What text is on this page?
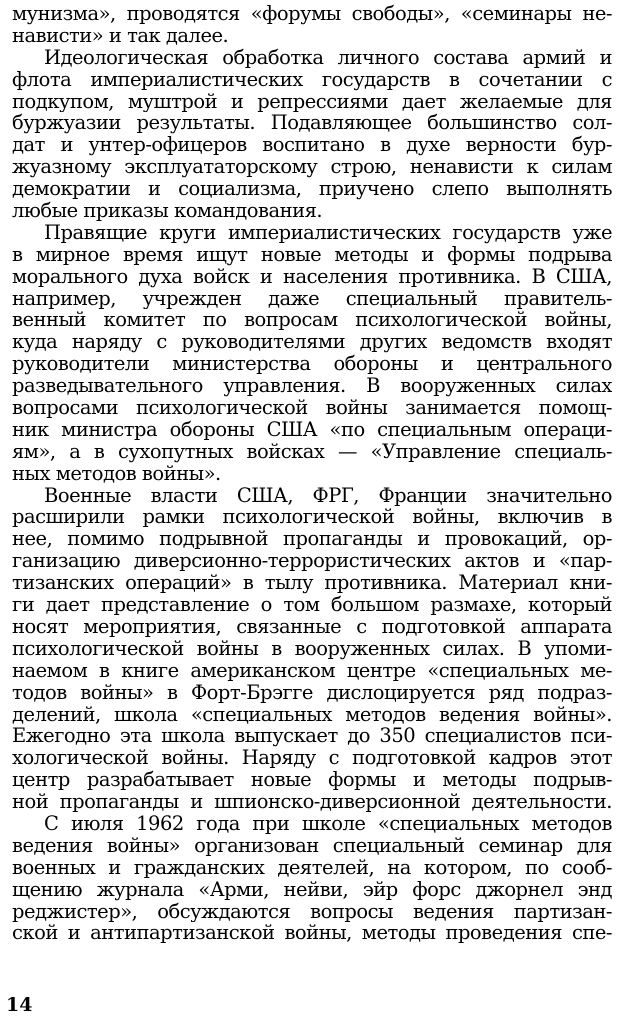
мунизма», проводятся «форумы свободы», «семинары не-
нависти» и так далее.
Идеологическая обработка личного состава армий и
флота империалистических государств в сочетании с
подкупом, муштрой и репрессиями дает желаемые для
буржуазии результаты. Подавляющее большинство сол-
дат и унтер-офицеров воспитано в духе верности бур-
жуазному эксплуататорскому строю, ненависти к силам
демократии и социализма, приучено слепо выполнять
любые приказы командования.
Правящие круги империалистических государств уже
в мирное время ищут новые методы и формы подрыва
морального духа войск и населения противника. В США,
например, учрежден даже специальный правитель-
венный комитет по вопросам психологической войны,
куда наряду с руководителями других ведомств входят
руководители министерства обороны и центрального
разведывательного управления. В вооруженных силах
вопросами психологической войны занимается помощ-
ник министра обороны США «по специальным операци-
ям», а в сухопутных войсках — «Управление специаль-
ных методов войны».
Военные власти США, ФРГ, Франции значительно
расширили рамки психологической войны, включив в
нее, помимо подрывной пропаганды и провокаций, ор-
ганизацию диверсионно-террористических актов и «пар-
тизанских операций» в тылу противника. Материал кни-
ги дает представление о том большом размахе, который
носят мероприятия, связанные с подготовкой аппарата
психологической войны в вооруженных силах. В упоми-
наемом в книге американском центре «специальных ме-
тодов войны» в Форт-Брэгге дислоцируется ряд подраз-
делений, школа «специальных методов ведения войны».
Ежегодно эта школа выпускает до 350 специалистов пси-
хологической войны. Наряду с подготовкой кадров этот
центр разрабатывает новые формы и методы подрыв-
ной пропаганды и шпионско-диверсионной деятельности.
С июля 1962 года при школе «специальных методов
ведения войны» организован специальный семинар для
военных и гражданских деятелей, на котором, по сооб-
щению журнала «Арми, нейви, эйр форс джорнел энд
реджистер», обсуждаются вопросы ведения партизан-
ской и антипартизанской войны, методы проведения спе-
14
